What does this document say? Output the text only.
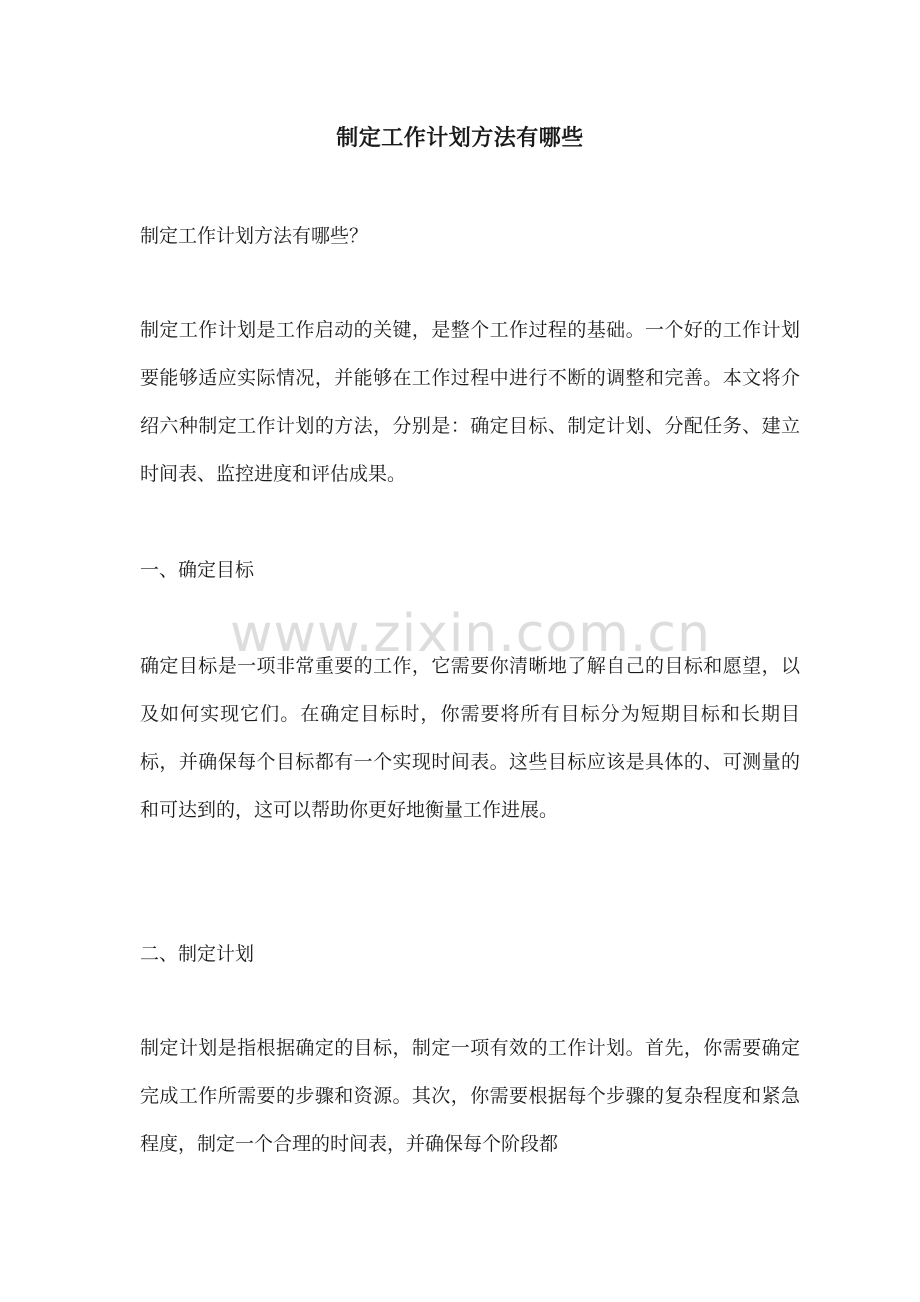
制定工作计划方法有哪些

制定工作计划方法有哪些？

制定工作计划是工作启动的关键，是整个工作过程的基础。一个好的工作计划要能够适应实际情况，并能够在工作过程中进行不断的调整和完善。本文将介绍六种制定工作计划的方法，分别是：确定目标、制定计划、分配任务、建立时间表、监控进度和评估成果。

一、确定目标

确定目标是一项非常重要的工作，它需要你清晰地了解自己的目标和愿望，以及如何实现它们。在确定目标时，你需要将所有目标分为短期目标和长期目标，并确保每个目标都有一个实现时间表。这些目标应该是具体的、可测量的和可达到的，这可以帮助你更好地衡量工作进展。

二、制定计划

制定计划是指根据确定的目标，制定一项有效的工作计划。首先，你需要确定完成工作所需要的步骤和资源。其次，你需要根据每个步骤的复杂程度和紧急程度，制定一个合理的时间表，并确保每个阶段都

www.zixin.com.cn
